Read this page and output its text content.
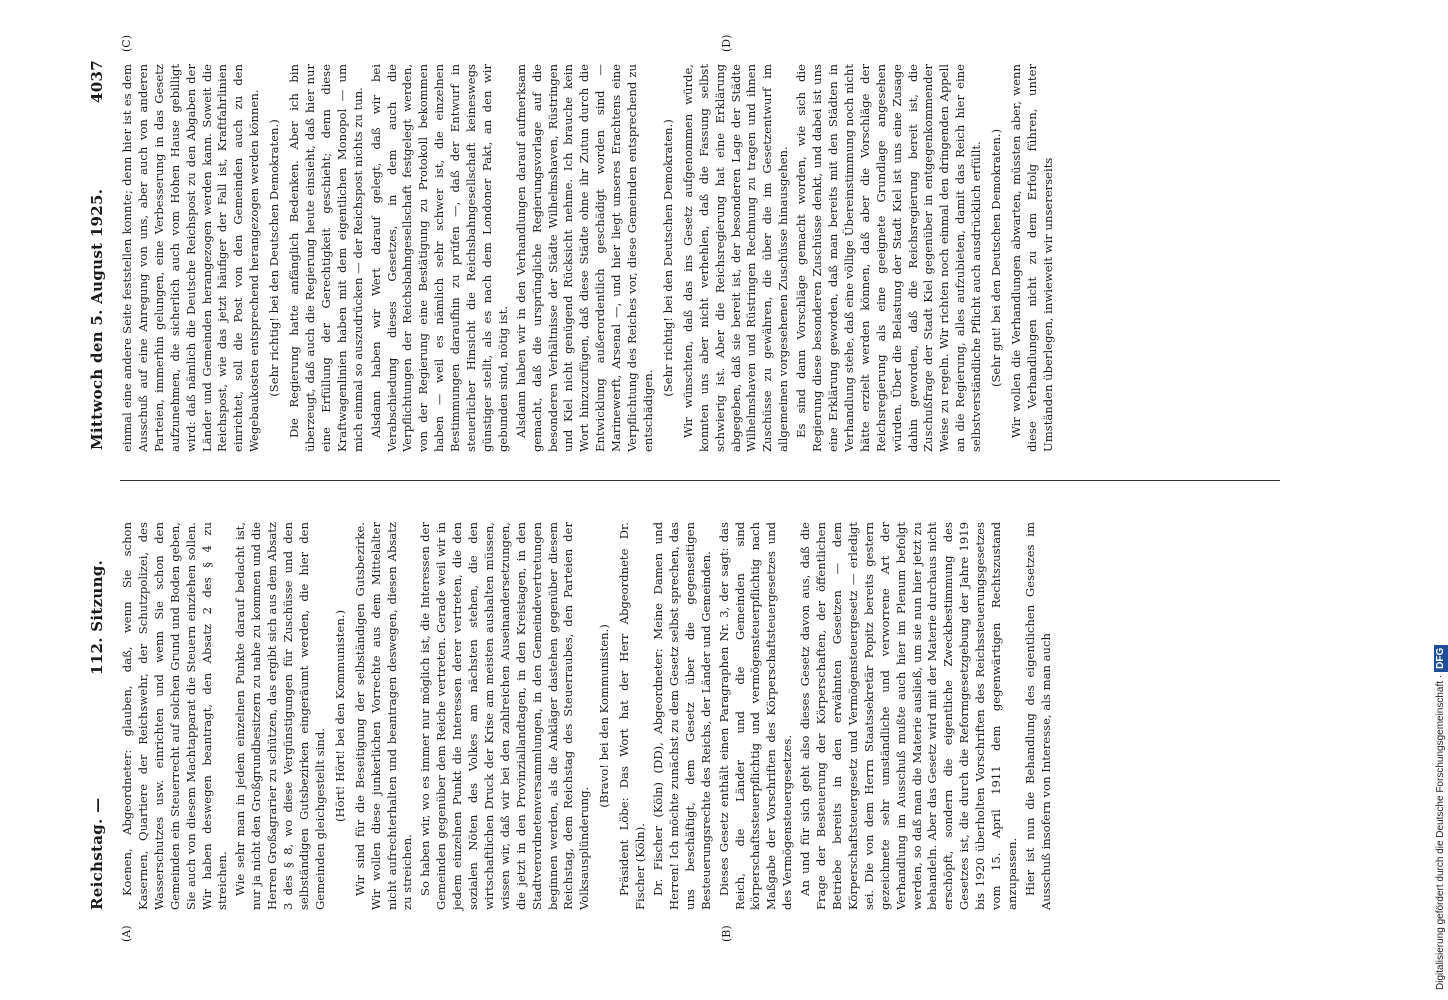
Reichstag. —
112. Sitzung.
Mittwoch den 5. August 1925.
4037
(A)	(B)
(C)	(D)

Koenen, Abgeordneter: glauben, daß, wenn Sie schon Kasernen, Quartiere der Reichswehr, der Schutzpolizei, des Wasserschutzes usw. einrichten und wenn Sie schon den Gemeinden ein Steuerrecht auf solchen Grund und Boden geben, Sie auch von diesem Machtapparat die Steuern einziehen sollen. Wir haben deswegen beantragt, den Absatz 2 des § 4 zu streichen. Wie sehr man in jedem einzelnen Punkte darauf bedacht ist, nur ja nicht den Großgrundbesitzern zu nahe zu kommen und die Herren Großagrarier zu schützen, das ergibt sich aus dem Absatz 3 des § 8, wo diese Vergünstigungen für Zuschüsse und den selbständigen Gutsbezirken eingeräumt werden, die hier den Gemeinden gleichgestellt sind. (Hört! Hört! bei den Kommunisten.) Wir sind für die Beseitigung der selbständigen Gutsbezirke. Wir wollen diese junkerlichen Vorrechte aus dem Mittelalter nicht aufrechterhalten und beantragen deswegen, diesen Absatz zu streichen. So haben wir, wo es immer nur möglich ist, die Interessen der Gemeinden gegenüber dem Reiche vertreten. Gerade weil wir in jedem einzelnen Punkt die Interessen derer vertreten, die den sozialen Nöten des Volkes am nächsten stehen, die den wirtschaftlichen Druck der Krise am meisten aushalten müssen, wissen wir, daß wir bei den zahlreichen Auseinandersetzungen, die jetzt in den Provinziallandtagen, in den Kreistagen, in den Stadtverordnetenversammlungen, in den Gemeindevertretungen beginnen werden, als die Ankläger dastehen gegenüber diesem Reichstag, dem Reichstag des Steuerraubes, den Parteien der Volksausplünderung.

(Bravo! bei den Kommunisten.) Präsident Löbe: Das Wort hat der Herr Abgeordnete Dr. Fischer (Köln). Dr. Fischer (Köln) (DD), Abgeordneter: Meine Damen und Herren! Ich möchte zunächst zu dem Gesetz selbst sprechen, das uns beschäftigt, dem Gesetz über die gegenseitigen Besteuerungsrechte des Reichs, der Länder und Gemeinden. Dieses Gesetz enthält einen Paragraphen Nr. 3, der sagt: das Reich, die Länder und die Gemeinden sind körperschaftssteuerpflichtig und vermögensteuerpflichtig nach Maßgabe der Vorschriften des Körperschaftsteuergesetzes und des Vermögensteuergesetzes. An und für sich geht also dieses Gesetz davon aus, daß die Frage der Besteuerung der Körperschaften, der öffentlichen Betriebe bereits in den erwähnten Gesetzen — dem Körperschaftsteuergesetz und Vermögensteuergesetz — erledigt sei. Die von dem Herrn Staatssekretär Popitz bereits gestern gezeichnete sehr umständliche und verworrene Art der Verhandlung im Ausschuß mußte auch hier im Plenum befolgt werden, so daß man die Materie ausließ, um sie nun hier jetzt zu behandeln. Aber das Gesetz wird mit der Materie durchaus nicht erschöpft, sondern die eigentliche Zweckbestimmung des Gesetzes ist, die durch die Reformgesetzgebung der Jahre 1919 bis 1920 überholten Vorschriften des Reichssteuerungsgesetzes vom 15. April 1911 dem gegenwärtigen Rechtszustand anzupassen. Hier ist nun die Behandlung des eigentlichen Gesetzes im Ausschuß insofern von Interesse, als man auch

einmal eine andere Seite feststellen konnte; denn hier ist es dem Ausschuß auf eine Anregung von uns, aber auch von anderen Parteien, immerhin gelungen, eine Verbesserung in das Gesetz aufzunehmen, die sicherlich auch vom Hohen Hause gebilligt wird: daß nämlich die Deutsche Reichspost zu den Abgaben der Länder und Gemeinden herangezogen werden kann. Soweit die Reichspost, wie das jetzt häufiger der Fall ist, Kraftfahrlinien einrichtet, soll die Post von den Gemeinden auch zu den Wegebaukosten entsprechend herangezogen werden können. (Sehr richtig! bei den Deutschen Demokraten.) Die Regierung hatte anfänglich Bedenken. Aber ich bin überzeugt, daß auch die Regierung heute einsieht, daß hier nur eine Erfüllung der Gerechtigkeit geschieht; denn diese Kraftwagenlinien haben mit dem eigentlichen Monopol — um mich einmal so auszudrücken — der Reichspost nichts zu tun. Alsdann haben wir Wert darauf gelegt, daß wir bei Verabschiedung dieses Gesetzes, in dem auch die Verpflichtungen der Reichsbahngesellschaft festgelegt werden, von der Regierung eine Bestätigung zu Protokoll bekommen haben — weil es nämlich sehr schwer ist, die einzelnen Bestimmungen daraufhin zu prüfen —, daß der Entwurf in steuerlicher Hinsicht die Reichsbahngesellschaft keineswegs günstiger stellt, als es nach dem Londoner Pakt, an den wir gebunden sind, nötig ist. Alsdann haben wir in den Verhandlungen darauf aufmerksam gemacht, daß die ursprüngliche Regierungsvorlage auf die besonderen Verhältnisse der Städte Wilhelmshaven, Rüstringen und Kiel nicht genügend Rücksicht nehme. Ich brauche kein Wort hinzuzufügen, daß diese Städte ohne ihr Zutun durch die Entwicklung außerordentlich geschädigt worden sind — Marinewerft, Arsenal —, und hier liegt unseres Erachtens eine Verpflichtung des Reiches vor, diese Gemeinden entsprechend zu entschädigen.

(Sehr richtig! bei den Deutschen Demokraten.) Wir wünschten, daß das ins Gesetz aufgenommen würde, konnten uns aber nicht verhehlen, daß die Fassung selbst schwierig ist. Aber die Reichsregierung hat eine Erklärung abgegeben, daß sie bereit ist, der besonderen Lage der Städte Wilhelmshaven und Rüstringen Rechnung zu tragen und ihnen Zuschüsse zu gewähren, die über die im Gesetzentwurf im allgemeinen vorgesehenen Zuschüsse hinausgehen. Es sind dann Vorschläge gemacht worden, wie sich die Regierung diese besonderen Zuschüsse denkt, und dabei ist uns eine Erklärung geworden, daß man bereits mit den Städten in Verhandlung stehe, daß eine völlige Übereinstimmung noch nicht hätte erzielt werden können, daß aber die Vorschläge der Reichsregierung als eine geeignete Grundlage angesehen würden. Über die Belastung der Stadt Kiel ist uns eine Zusage dahin geworden, daß die Reichsregierung bereit ist, die Zuschußfrage der Stadt Kiel gegenüber in entgegenkommender Weise zu regeln. Wir richten noch einmal den dringenden Appell an die Regierung, alles aufzubieten, damit das Reich hier eine selbstverständliche Pflicht auch ausdrücklich erfüllt. (Sehr gut! bei den Deutschen Demokraten.) Wir wollen die Verhandlungen abwarten, müssten aber, wenn diese Verhandlungen nicht zu dem Erfolg führen, unter Umständen überlegen, inwieweit wir unsererseits

Digitalisierung gefördert durch die Deutsche Forschungsgemeinschaft ·DFG
